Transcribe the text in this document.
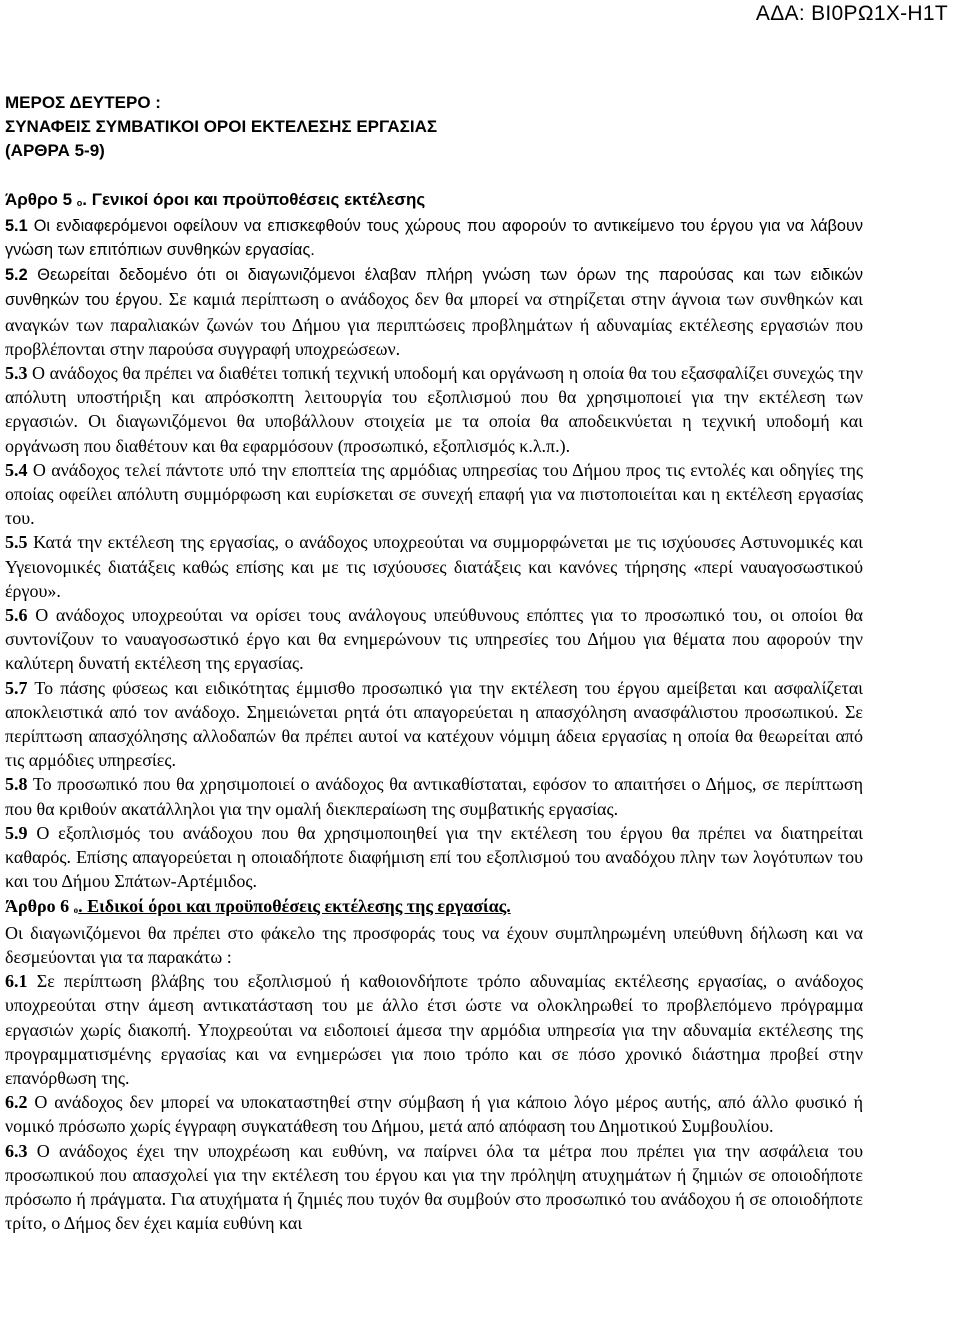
ΑΔΑ: ΒΙ0ΡΩ1Χ-Η1Τ

ΜΕΡΟΣ ΔΕΥΤΕΡΟ :

ΣΥΝΑΦΕΙΣ ΣΥΜΒΑΤΙΚΟΙ ΟΡΟΙ ΕΚΤΕΛΕΣΗΣ ΕΡΓΑΣΙΑΣ

(ΑΡΘΡΑ 5-9)

Άρθρο 5 $^o$. Γενικοί όροι και προϋποθέσεις εκτέλεσης

5.1 Οι ενδιαφερόμενοι οφείλουν να επισκεφθούν τους χώρους που αφορούν το αντικείμενο του έργου για να λάβουν γνώση των επιτόπιων συνθηκών εργασίας.

5.2 Θεωρείται δεδομένο ότι οι διαγωνιζόμενοι έλαβαν πλήρη γνώση των όρων της παρούσας και των ειδικών συνθηκών του έργου. Σε καμιά περίπτωση ο ανάδοχος δεν θα μπορεί να στηρίζεται στην άγνοια των συνθηκών και αναγκών των παραλιακών ζωνών του Δήμου για περιπτώσεις προβλημάτων ή αδυναμίας εκτέλεσης εργασιών που προβλέπονται στην παρούσα συγγραφή υποχρεώσεων.

5.3 Ο ανάδοχος θα πρέπει να διαθέτει τοπική τεχνική υποδομή και οργάνωση η οποία θα του εξασφαλίζει συνεχώς την απόλυτη υποστήριξη και απρόσκοπτη λειτουργία του εξοπλισμού που θα χρησιμοποιεί για την εκτέλεση των εργασιών. Οι διαγωνιζόμενοι θα υποβάλλουν στοιχεία με τα οποία θα αποδεικνύεται η τεχνική υποδομή και οργάνωση που διαθέτουν και θα εφαρμόσουν (προσωπικό, εξοπλισμός κ.λ.π.).

5.4 Ο ανάδοχος τελεί πάντοτε υπό την εποπτεία της αρμόδιας υπηρεσίας του Δήμου προς τις εντολές και οδηγίες της οποίας οφείλει απόλυτη συμμόρφωση και ευρίσκεται σε συνεχή επαφή για να πιστοποιείται και η εκτέλεση εργασίας του.

5.5 Κατά την εκτέλεση της εργασίας, ο ανάδοχος υποχρεούται να συμμορφώνεται με τις ισχύουσες Αστυνομικές και Υγειονομικές διατάξεις καθώς επίσης και με τις ισχύουσες διατάξεις και κανόνες τήρησης «περί ναυαγοσωστικού έργου».

5.6 Ο ανάδοχος υποχρεούται να ορίσει τους ανάλογους υπεύθυνους επόπτες για το προσωπικό του, οι οποίοι θα συντονίζουν το ναυαγοσωστικό έργο και θα ενημερώνουν τις υπηρεσίες του Δήμου για θέματα που αφορούν την καλύτερη δυνατή εκτέλεση της εργασίας.

5.7 Το πάσης φύσεως και ειδικότητας έμμισθο προσωπικό για την εκτέλεση του έργου αμείβεται και ασφαλίζεται αποκλειστικά από τον ανάδοχο. Σημειώνεται ρητά ότι απαγορεύεται η απασχόληση ανασφάλιστου προσωπικού. Σε περίπτωση απασχόλησης αλλοδαπών θα πρέπει αυτοί να κατέχουν νόμιμη άδεια εργασίας η οποία θα θεωρείται από τις αρμόδιες υπηρεσίες.

5.8 Το προσωπικό που θα χρησιμοποιεί ο ανάδοχος θα αντικαθίσταται, εφόσον το απαιτήσει ο Δήμος, σε περίπτωση που θα κριθούν ακατάλληλοι για την ομαλή διεκπεραίωση της συμβατικής εργασίας.

5.9 Ο εξοπλισμός του ανάδοχου που θα χρησιμοποιηθεί για την εκτέλεση του έργου θα πρέπει να διατηρείται καθαρός. Επίσης απαγορεύεται η οποιαδήποτε διαφήμιση επί του εξοπλισμού του αναδόχου πλην των λογότυπων του και του Δήμου Σπάτων-Αρτέμιδος.

Άρθρο 6 $^o$. Ειδικοί όροι και προϋποθέσεις εκτέλεσης της εργασίας.

Οι διαγωνιζόμενοι θα πρέπει στο φάκελο της προσφοράς τους να έχουν συμπληρωμένη υπεύθυνη δήλωση και να δεσμεύονται για τα παρακάτω :

6.1 Σε περίπτωση βλάβης του εξοπλισμού ή καθοιονδήποτε τρόπο αδυναμίας εκτέλεσης εργασίας, ο ανάδοχος υποχρεούται στην άμεση αντικατάσταση του με άλλο έτσι ώστε να ολοκληρωθεί το προβλεπόμενο πρόγραμμα εργασιών χωρίς διακοπή. Υποχρεούται να ειδοποιεί άμεσα την αρμόδια υπηρεσία για την αδυναμία εκτέλεσης της προγραμματισμένης εργασίας και να ενημερώσει για ποιο τρόπο και σε πόσο χρονικό διάστημα προβεί στην επανόρθωση της.

6.2 Ο ανάδοχος δεν μπορεί να υποκαταστηθεί στην σύμβαση ή για κάποιο λόγο μέρος αυτής, από άλλο φυσικό ή νομικό πρόσωπο χωρίς έγγραφη συγκατάθεση του Δήμου, μετά από απόφαση του Δημοτικού Συμβουλίου.

6.3 Ο ανάδοχος έχει την υποχρέωση και ευθύνη, να παίρνει όλα τα μέτρα που πρέπει για την ασφάλεια του προσωπικού που απασχολεί για την εκτέλεση του έργου και για την πρόληψη ατυχημάτων ή ζημιών σε οποιοδήποτε πρόσωπο ή πράγματα. Για ατυχήματα ή ζημιές που τυχόν θα συμβούν στο προσωπικό του ανάδοχου ή σε οποιοδήποτε τρίτο, ο Δήμος δεν έχει καμία ευθύνη και
